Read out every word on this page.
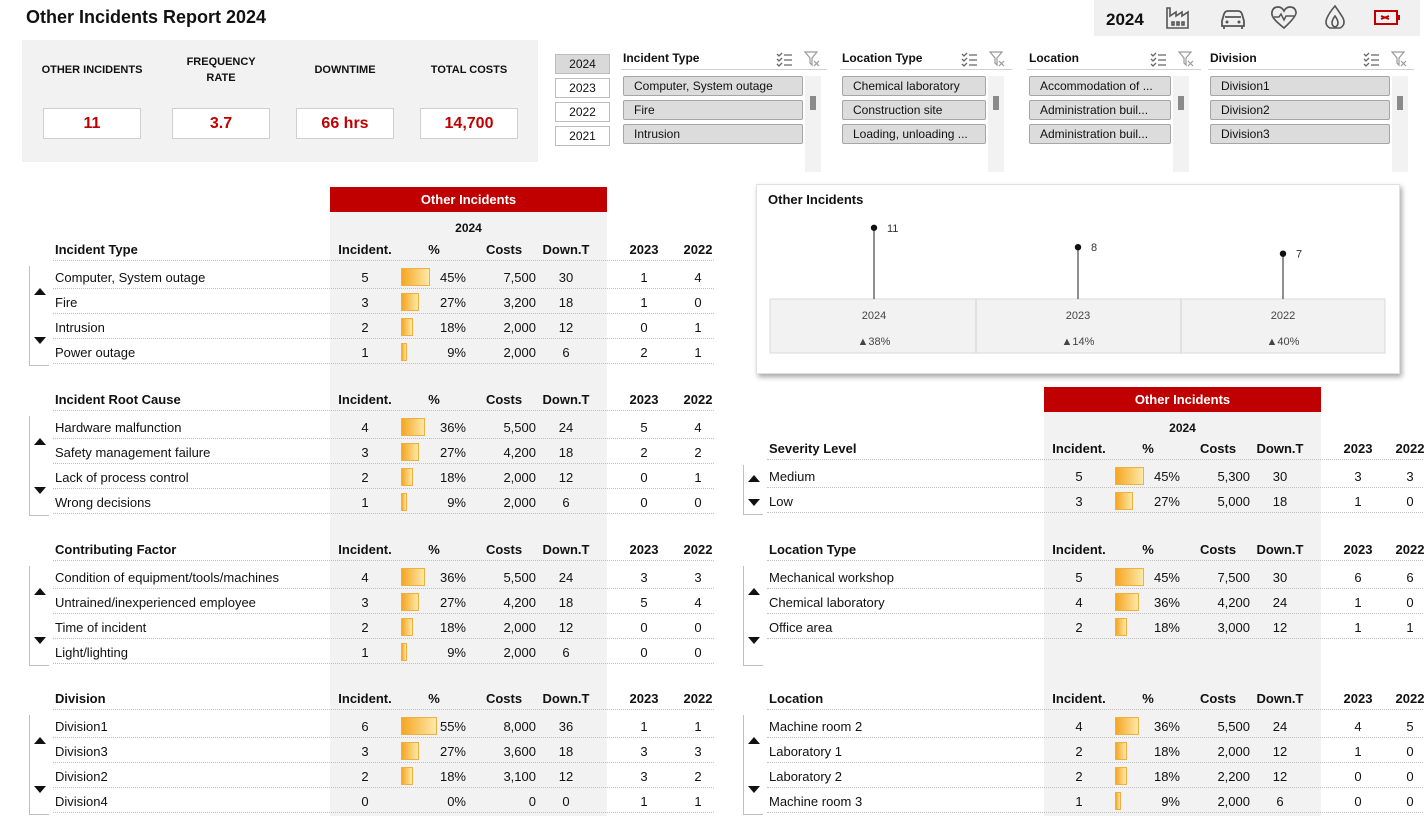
Other Incidents Report 2024	2024
OTHER INCIDENTS
11
FREQUENCY RATE
3.7
DOWNTIME
66 hrs
TOTAL COSTS
14,700
2024
2023
2022
2021
Incident Type
Computer, System outage
Fire
Intrusion
Location Type
Chemical laboratory
Construction site
Loading, unloading ...
Location
Accommodation of ...
Administration buil...
Administration buil...
Division
Division1
Division2
Division3
Other Incidents
2024
Incident Type	Incident.	%	Costs	Down.T	2023	2022
Computer, System outage	5	45%	7,500	30	1	4
Fire	3	27%	3,200	18	1	0
Intrusion	2	18%	2,000	12	0	1
Power outage	1	9%	2,000	6	2	1
Incident Root Cause	Incident.	%	Costs	Down.T	2023	2022
Hardware malfunction	4	36%	5,500	24	5	4
Safety management failure	3	27%	4,200	18	2	2
Lack of process control	2	18%	2,000	12	0	1
Wrong decisions	1	9%	2,000	6	0	0
Contributing Factor	Incident.	%	Costs	Down.T	2023	2022
Condition of equipment/tools/machines	4	36%	5,500	24	3	3
Untrained/inexperienced employee	3	27%	4,200	18	5	4
Time of incident	2	18%	2,000	12	0	0
Light/lighting	1	9%	2,000	6	0	0
Division	Incident.	%	Costs	Down.T	2023	2022
Division1	6	55%	8,000	36	1	1
Division3	3	27%	3,600	18	3	3
Division2	2	18%	3,100	12	3	2
Division4	0	0%	0	0	1	1
Other Incidents
2024
Severity Level	Incident.	%	Costs	Down.T	2023	2022
Medium	5	45%	5,300	30	3	3
Low	3	27%	5,000	18	1	0
Location Type	Incident.	%	Costs	Down.T	2023	2022
Mechanical workshop	5	45%	7,500	30	6	6
Chemical laboratory	4	36%	4,200	24	1	0
Office area	2	18%	3,000	12	1	1
Location	Incident.	%	Costs	Down.T	2023	2022
Machine room 2	4	36%	5,500	24	4	5
Laboratory 1	2	18%	2,000	12	1	0
Laboratory 2	2	18%	2,200	12	0	0
Machine room 3	1	9%	2,000	6	0	0
Other Incidents
11
2024
▲38%
8
2023
▲14%
7
2022
▲40%
